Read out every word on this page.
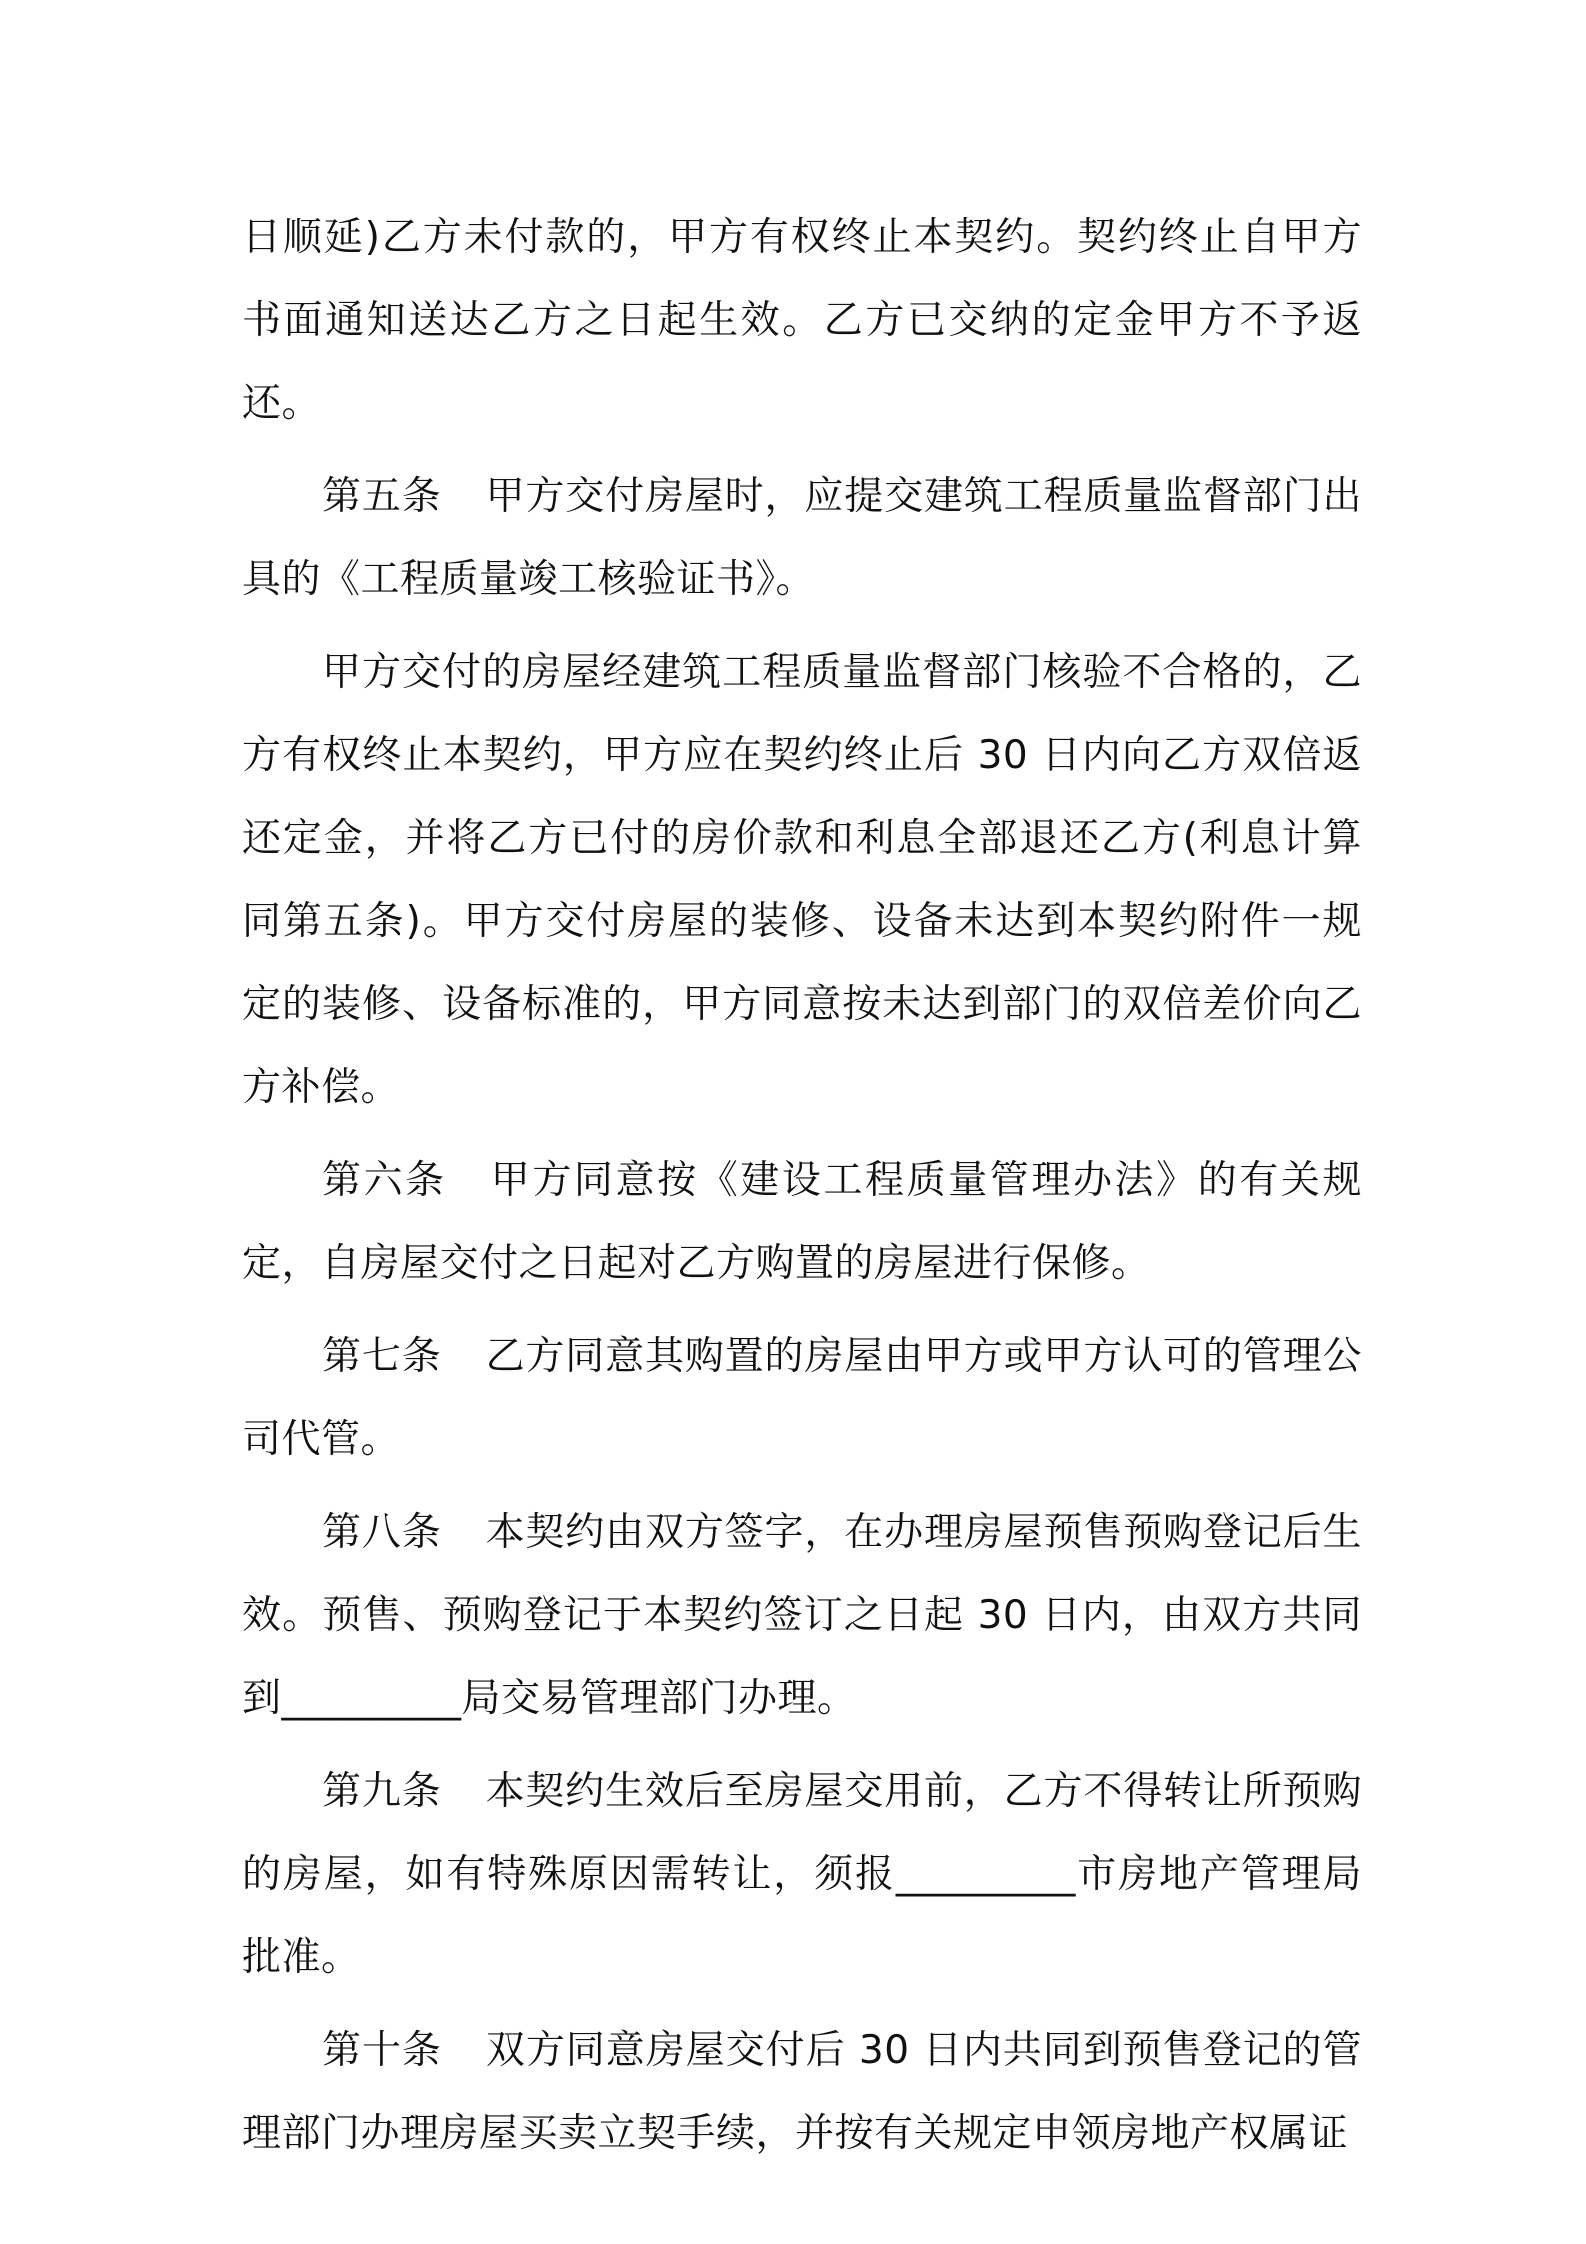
日顺延)乙方未付款的，甲方有权终止本契约。契约终止自甲方书面通知送达乙方之日起生效。乙方已交纳的定金甲方不予返还。

第五条 甲方交付房屋时，应提交建筑工程质量监督部门出具的《工程质量竣工核验证书》。

甲方交付的房屋经建筑工程质量监督部门核验不合格的，乙方有权终止本契约，甲方应在契约终止后 30 日内向乙方双倍返还定金，并将乙方已付的房价款和利息全部退还乙方(利息计算同第五条)。甲方交付房屋的装修、设备未达到本契约附件一规定的装修、设备标准的，甲方同意按未达到部门的双倍差价向乙方补偿。

第六条 甲方同意按《建设工程质量管理办法》的有关规定，自房屋交付之日起对乙方购置的房屋进行保修。

第七条 乙方同意其购置的房屋由甲方或甲方认可的管理公司代管。

第八条 本契约由双方签字，在办理房屋预售预购登记后生效。预售、预购登记于本契约签订之日起 30 日内，由双方共同到_________局交易管理部门办理。

第九条 本契约生效后至房屋交用前，乙方不得转让所预购的房屋，如有特殊原因需转让，须报_________市房地产管理局批准。

第十条 双方同意房屋交付后 30 日内共同到预售登记的管理部门办理房屋买卖立契手续，并按有关规定申领房地产权属证
